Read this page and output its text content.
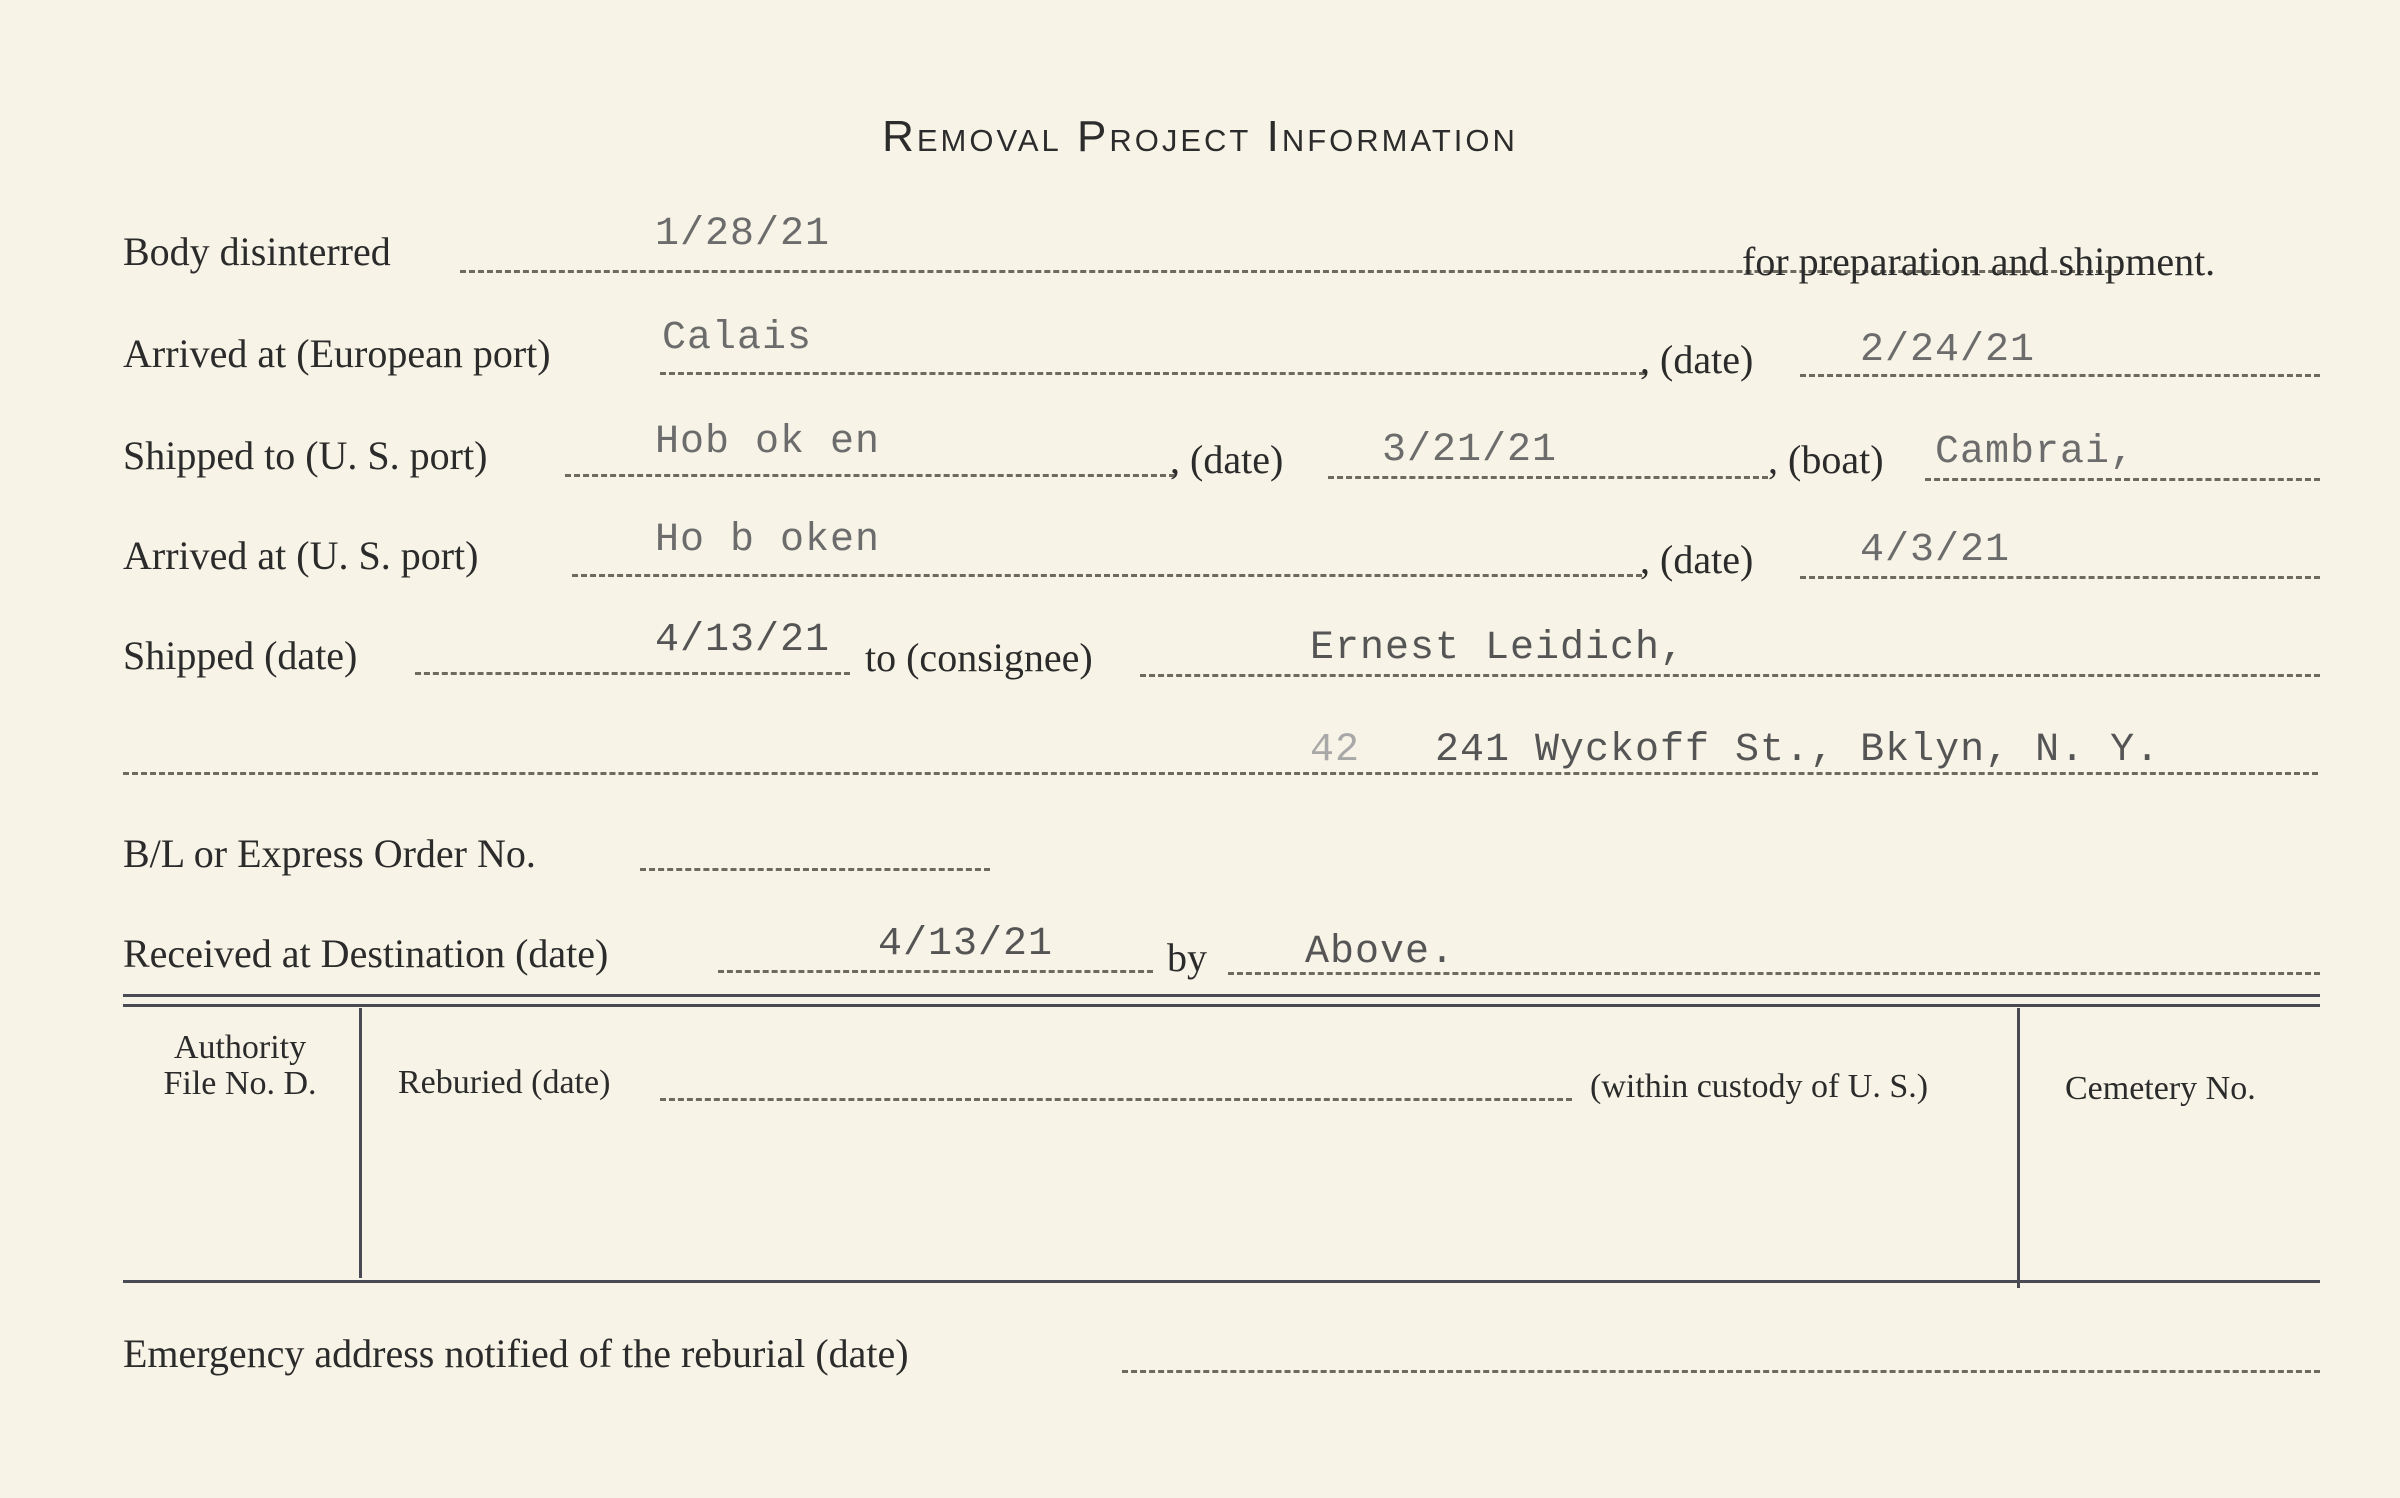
Removal Project Information
Body disinterred	1/28/21
for preparation and shipment.
Arrived at (European port)	Calais	, (date)	2/24/21
Shipped to (U. S. port)	Hob ok en	, (date) 3/21/21	, (boat) Cambrai,
Arrived at (U. S. port)	Ho b oken	, (date)	4/3/21
Shipped (date)	4/13/21 to (consignee)	Ernest Leidich,
42 241 Wyckoff St., Bklyn, N. Y.
B/L or Express Order No.
Received at Destination (date)	4/13/21	by Above.
Authority
File No. D.	Reburied (date)	(within custody of U. S.)	Cemetery No.
Emergency address notified of the reburial (date)
